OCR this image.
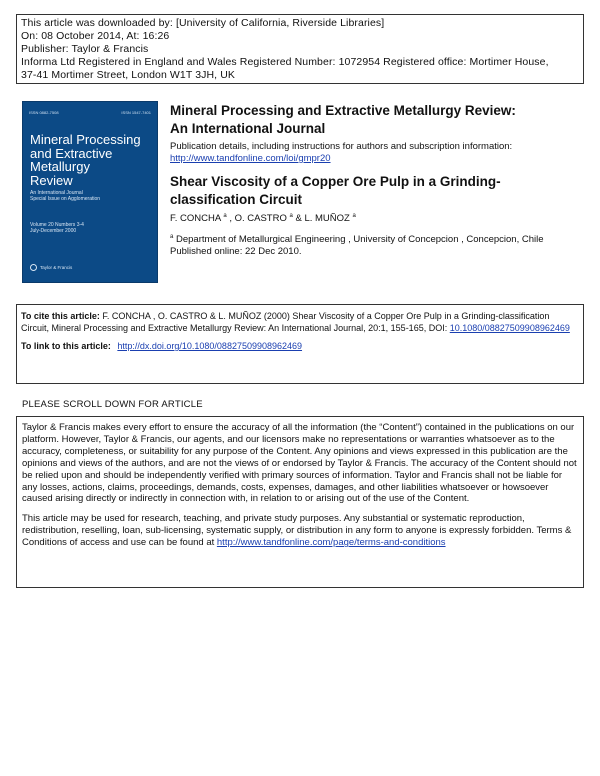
This article was downloaded by: [University of California, Riverside Libraries]
On: 08 October 2014, At: 16:26
Publisher: Taylor & Francis
Informa Ltd Registered in England and Wales Registered Number: 1072954 Registered office: Mortimer House,
37-41 Mortimer Street, London W1T 3JH, UK
ISSN 0882-7508	ISSN 1547-7401
Mineral Processing
and Extractive
Metallurgy
Review
An International Journal
Special Issue on Agglomeration
Volume 20 Numbers 3-4
July-December 2000
Taylor & Francis
Mineral Processing and Extractive Metallurgy Review:
An International Journal
Publication details, including instructions for authors and subscription information:
http://www.tandfonline.com/loi/gmpr20
Shear Viscosity of a Copper Ore Pulp in a Grinding-
classification Circuit
F. CONCHA $^a$ , O. CASTRO $^a$ & L. MUÑOZ $^a$
$^a$ Department of Metallurgical Engineering , University of Concepcion , Concepcion, Chile
Published online: 22 Dec 2010.
To cite this article: F. CONCHA , O. CASTRO & L. MUÑOZ (2000) Shear Viscosity of a Copper Ore Pulp in a Grinding-classification Circuit, Mineral Processing and Extractive Metallurgy Review: An International Journal, 20:1, 155-165, DOI: 10.1080/08827509908962469
To link to this article: http://dx.doi.org/10.1080/08827509908962469
PLEASE SCROLL DOWN FOR ARTICLE

Taylor & Francis makes every effort to ensure the accuracy of all the information (the “Content”) contained in the publications on our platform. However, Taylor & Francis, our agents, and our licensors make no representations or warranties whatsoever as to the accuracy, completeness, or suitability for any purpose of the Content. Any opinions and views expressed in this publication are the opinions and views of the authors, and are not the views of or endorsed by Taylor & Francis. The accuracy of the Content should not be relied upon and should be independently verified with primary sources of information. Taylor and Francis shall not be liable for any losses, actions, claims, proceedings, demands, costs, expenses, damages, and other liabilities whatsoever or howsoever caused arising directly or indirectly in connection with, in relation to or arising out of the use of the Content.

This article may be used for research, teaching, and private study purposes. Any substantial or systematic reproduction, redistribution, reselling, loan, sub-licensing, systematic supply, or distribution in any form to anyone is expressly forbidden. Terms & Conditions of access and use can be found at http://www.tandfonline.com/page/terms-and-conditions
